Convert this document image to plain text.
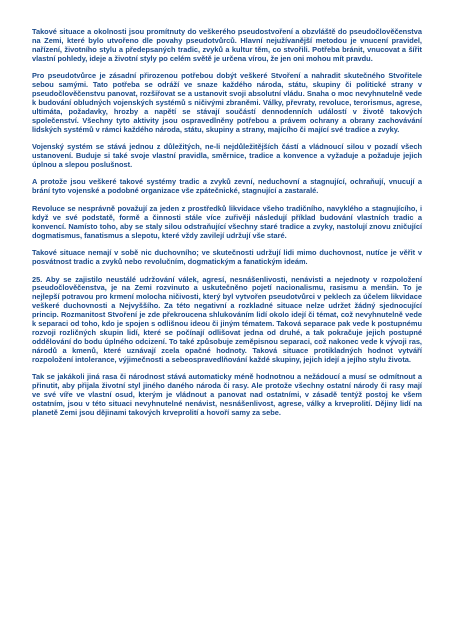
Takové situace a okolnosti jsou promítnuty do veškerého pseudostvoření a obzvláště do pseudočlověčenstva na Zemi, které bylo utvořeno dle povahy pseudotvůrců. Hlavní nejužívanější metodou je vnucení pravidel, nařízení, životního stylu a předepsaných tradic, zvyků a kultur těm, co stvořili. Potřeba bránit, vnucovat a šířit vlastní pohledy, ideje a životní styly po celém světě je určena vírou, že jen oni mohou mít pravdu.

Pro pseudotvůrce je zásadní přirozenou potřebou dobýt veškeré Stvoření a nahradit skutečného Stvořitele sebou samými. Tato potřeba se odráží ve snaze každého národa, státu, skupiny či politické strany v pseudočlověčenstvu panovat, rozšiřovat se a ustanovit svoji absolutní vládu. Snaha o moc nevyhnutelně vede k budování obludných vojenských systémů s ničivými zbraněmi. Války, převraty, revoluce, terorismus, agrese, ultimáta, požadavky, hrozby a napětí se stávají součástí dennodenních událostí v životě takových společenství. Všechny tyto aktivity jsou ospravedlněny potřebou a právem ochrany a obrany zachovávání lidských systémů v rámci každého národa, státu, skupiny a strany, majícího či mající své tradice a zvyky.

Vojenský systém se stává jednou z důležitých, ne-li nejdůležitějších částí a vládnoucí silou v pozadí všech ustanovení. Buduje si také svoje vlastní pravidla, směrnice, tradice a konvence a vyžaduje a požaduje jejich úplnou a slepou poslušnost.

A protože jsou veškeré takové systémy tradic a zvyků zevní, neduchovní a stagnující, ochraňují, vnucují a brání tyto vojenské a podobné organizace vše zpátečnické, stagnující a zastaralé.

Revoluce se nesprávně považují za jeden z prostředků likvidace všeho tradičního, navyklého a stagnujícího, i když ve své podstatě, formě a činnosti stále více zuřivěji následují příklad budování vlastních tradic a konvencí. Namísto toho, aby se staly silou odstraňující všechny staré tradice a zvyky, nastolují znovu zničující dogmatismus, fanatismus a slepotu, které vždy zavilejí udržují vše staré.

Takové situace nemají v sobě nic duchovního; ve skutečnosti udržují lidi mimo duchovnost, nutíce je věřit v posvátnost tradic a zvyků nebo revolučním, dogmatickým a fanatickým ideám.

25. Aby se zajistilo neustálé udržování válek, agresí, nesnášenlivosti, nenávisti a nejednoty v rozpoložení pseudočlověčenstva, je na Zemi rozvinuto a uskutečněno pojetí nacionalismu, rasismu a menšin. To je nejlepší potravou pro krmení molocha ničivosti, který byl vytvořen pseudotvůrci v peklech za účelem likvidace veškeré duchovnosti a Nejvyššího. Za této negativní a rozkladné situace nelze udržet žádný sjednocující princip. Rozmanitost Stvoření je zde překroucena shlukováním lidí okolo idejí či témat, což nevyhnutelně vede k separaci od toho, kdo je spojen s odlišnou ideou či jiným tématem. Taková separace pak vede k postupnému rozvoji rozličných skupin lidí, které se počínají odlišovat jedna od druhé, a tak pokračuje jejich postupné oddělování do bodu úplného odcizení. To také způsobuje zeměpisnou separaci, což nakonec vede k vývoji ras, národů a kmenů, které uznávají zcela opačné hodnoty. Taková situace protikladných hodnot vytváří rozpoložení intolerance, výjimečnosti a sebeospravedlňování každé skupiny, jejich idejí a jejího stylu života.

Tak se jakákoli jiná rasa či národnost stává automaticky méně hodnotnou a nežádoucí a musí se odmítnout a přinutit, aby přijala životní styl jiného daného národa či rasy. Ale protože všechny ostatní národy či rasy mají ve své víře ve vlastní osud, kterým je vládnout a panovat nad ostatními, v zásadě tentýž postoj ke všem ostatním, jsou v této situaci nevyhnutelné nenávist, nesnášenlivost, agrese, války a krveprolití. Dějiny lidí na planetě Zemi jsou dějinami takových krveprolití a hovoří samy za sebe.
